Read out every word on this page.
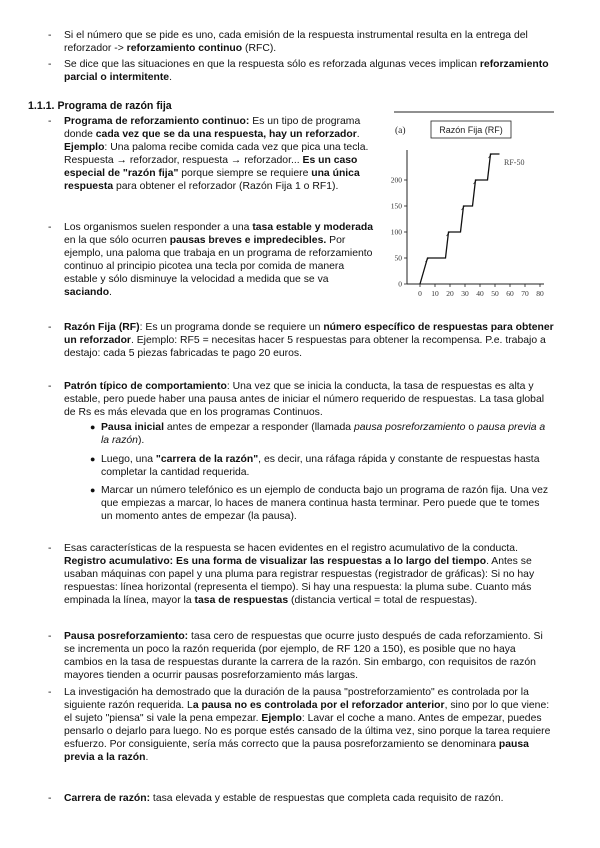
- Si el número que se pide es uno, cada emisión de la respuesta instrumental resulta en la entrega del reforzador -> reforzamiento continuo (RFC).

- Se dice que las situaciones en que la respuesta sólo es reforzada algunas veces implican reforzamiento parcial o intermitente.

1.1.1. Programa de razón fija

- Programa de reforzamiento continuo: Es un tipo de programa donde cada vez que se da una respuesta, hay un reforzador. Ejemplo: Una paloma recibe comida cada vez que pica una tecla. Respuesta → reforzador, respuesta → reforzador... Es un caso especial de "razón fija" porque siempre se requiere una única respuesta para obtener el reforzador (Razón Fija 1 o RF1).

- Los organismos suelen responder a una tasa estable y moderada en la que sólo ocurren pausas breves e impredecibles. Por ejemplo, una paloma que trabaja en un programa de reforzamiento continuo al principio picotea una tecla por comida de manera estable y sólo disminuye la velocidad a medida que se va saciando.

(a)	Razón Fija (RF)
0 10 20 30 40 50 60 70 80
0
50
100
150
200
RF-50
- Razón Fija (RF): Es un programa donde se requiere un número específico de respuestas para obtener un reforzador. Ejemplo: RF5 = necesitas hacer 5 respuestas para obtener la recompensa. P.e. trabajo a destajo: cada 5 piezas fabricadas te pago 20 euros.

- Patrón típico de comportamiento: Una vez que se inicia la conducta, la tasa de respuestas es alta y estable, pero puede haber una pausa antes de iniciar el número requerido de respuestas. La tasa global de Rs es más elevada que en los programas Continuos.

● Pausa inicial antes de empezar a responder (llamada pausa posreforzamiento o pausa previa a la razón).

● Luego, una "carrera de la razón", es decir, una ráfaga rápida y constante de respuestas hasta completar la cantidad requerida.

● Marcar un número telefónico es un ejemplo de conducta bajo un programa de razón fija. Una vez que empiezas a marcar, lo haces de manera continua hasta terminar. Pero puede que te tomes un momento antes de empezar (la pausa).

- Esas características de la respuesta se hacen evidentes en el registro acumulativo de la conducta. Registro acumulativo: Es una forma de visualizar las respuestas a lo largo del tiempo. Antes se usaban máquinas con papel y una pluma para registrar respuestas (registrador de gráficas): Si no hay respuestas: línea horizontal (representa el tiempo). Si hay una respuesta: la pluma sube. Cuanto más empinada la línea, mayor la tasa de respuestas (distancia vertical = total de respuestas).

- Pausa posreforzamiento: tasa cero de respuestas que ocurre justo después de cada reforzamiento. Si se incrementa un poco la razón requerida (por ejemplo, de RF 120 a 150), es posible que no haya cambios en la tasa de respuestas durante la carrera de la razón. Sin embargo, con requisitos de razón mayores tienden a ocurrir pausas posreforzamiento más largas.

- La investigación ha demostrado que la duración de la pausa "postreforzamiento" es controlada por la siguiente razón requerida. La pausa no es controlada por el reforzador anterior, sino por lo que viene: el sujeto "piensa" si vale la pena empezar. Ejemplo: Lavar el coche a mano. Antes de empezar, puedes pensarlo o dejarlo para luego. No es porque estés cansado de la última vez, sino porque la tarea requiere esfuerzo. Por consiguiente, sería más correcto que la pausa posreforzamiento se denominara pausa previa a la razón.

- Carrera de razón: tasa elevada y estable de respuestas que completa cada requisito de razón.
